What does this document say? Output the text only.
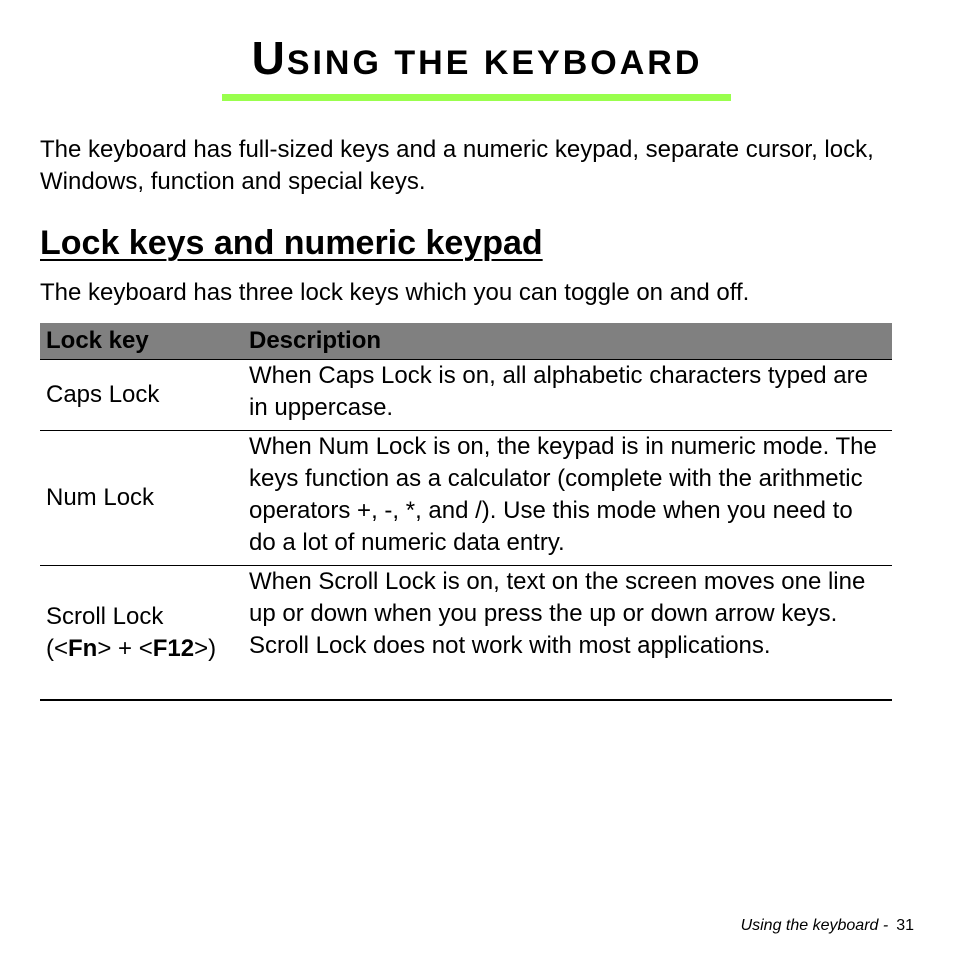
USING THE KEYBOARD

The keyboard has full-sized keys and a numeric keypad, separate cursor, lock, Windows, function and special keys.

Lock keys and numeric keypad

The keyboard has three lock keys which you can toggle on and off.

Lock key	Description
Caps Lock	When Caps Lock is on, all alphabetic characters typed are in uppercase.
Num Lock	When Num Lock is on, the keypad is in numeric mode. The keys function as a calculator (complete with the arithmetic operators +, -, *, and /). Use this mode when you need to do a lot of numeric data entry.
Scroll Lock
(<Fn> + <F12>)	When Scroll Lock is on, text on the screen moves one line up or down when you press the up or down arrow keys. Scroll Lock does not work with most applications.

Using the keyboard - 31
